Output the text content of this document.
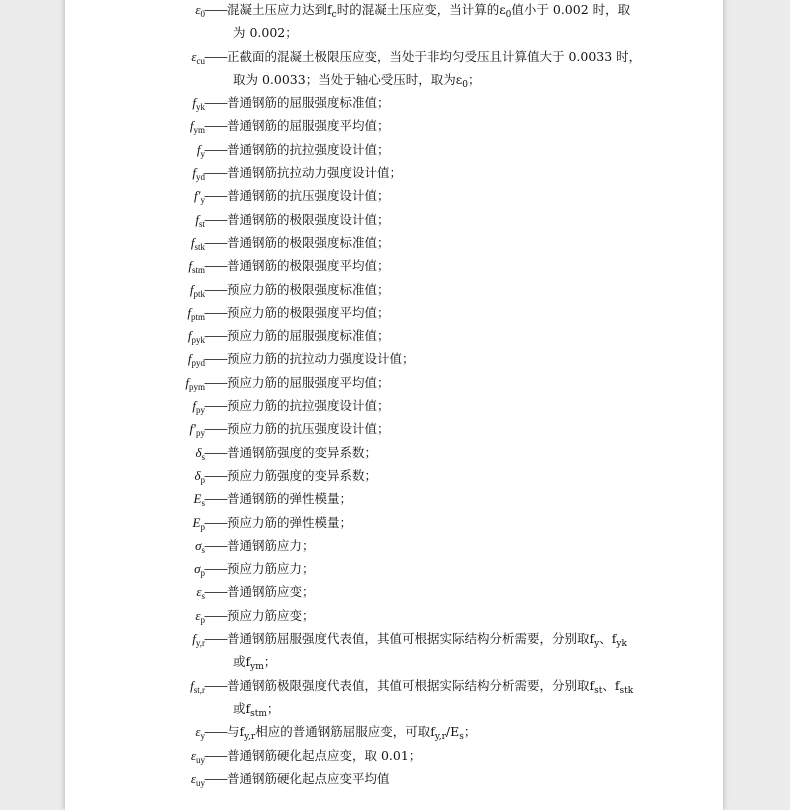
$\varepsilon_0$ ——混凝土压应力达到$f_c$时的混凝土压应变，当计算的$\varepsilon_0$值小于 0.002 时，取
为 0.002；
$\varepsilon_{cu}$ ——正截面的混凝土极限压应变，当处于非均匀受压且计算值大于 0.0033 时，
取为 0.0033；当处于轴心受压时，取为$\varepsilon_0$；
$f_{yk}$ ——普通钢筋的屈服强度标准值；
$f_{ym}$ ——普通钢筋的屈服强度平均值；
$f_y$ ——普通钢筋的抗拉强度设计值；
$f_{yd}$ ——普通钢筋抗拉动力强度设计值；
$f'_y$ ——普通钢筋的抗压强度设计值；
$f_{st}$ ——普通钢筋的极限强度设计值；
$f_{stk}$ ——普通钢筋的极限强度标准值；
$f_{stm}$ ——普通钢筋的极限强度平均值；
$f_{ptk}$ ——预应力筋的极限强度标准值；
$f_{ptm}$ ——预应力筋的极限强度平均值；
$f_{pyk}$ ——预应力筋的屈服强度标准值；
$f_{pyd}$ ——预应力筋的抗拉动力强度设计值；
$f_{pym}$ ——预应力筋的屈服强度平均值；
$f_{py}$ ——预应力筋的抗拉强度设计值；
$f'_{py}$ ——预应力筋的抗压强度设计值；
$\delta_s$ ——普通钢筋强度的变异系数；
$\delta_p$ ——预应力筋强度的变异系数；
$E_s$ ——普通钢筋的弹性模量；
$E_p$ ——预应力筋的弹性模量；
$\sigma_s$ ——普通钢筋应力；
$\sigma_p$ ——预应力筋应力；
$\varepsilon_s$ ——普通钢筋应变；
$\varepsilon_p$ ——预应力筋应变；
$f_{y,r}$ ——普通钢筋屈服强度代表值，其值可根据实际结构分析需要，分别取$f_y$、$f_{yk}$
或$f_{ym}$；
$f_{st,r}$ ——普通钢筋极限强度代表值，其值可根据实际结构分析需要，分别取$f_{st}$、$f_{stk}$
或$f_{stm}$；
$\varepsilon_y$ ——与$f_{y,r}$相应的普通钢筋屈服应变，可取$f_{y,r}/E_s$；
$\varepsilon_{uy}$ ——普通钢筋硬化起点应变，取 0.01；
$\varepsilon_{uy}$ ——普通钢筋硬化起点应变平均值
